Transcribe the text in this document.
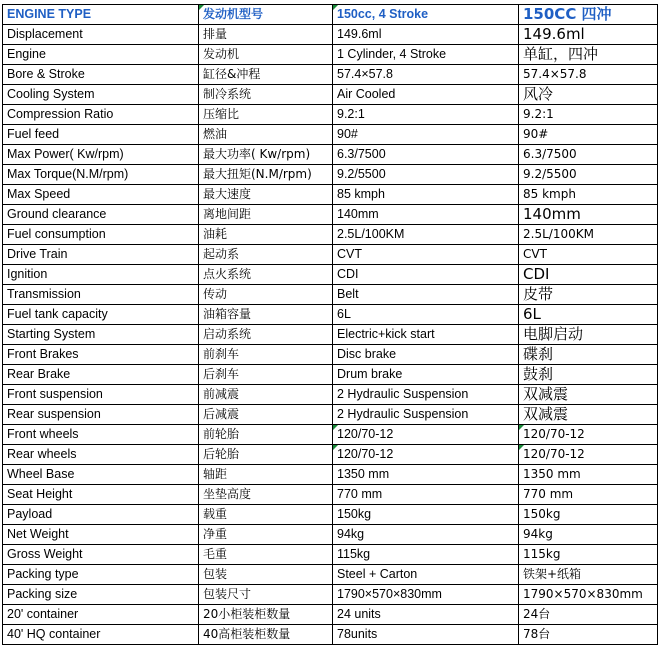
ENGINE TYPE	发动机型号	150cc, 4 Stroke	150CC 四冲
Displacement	排量	149.6ml	149.6ml
Engine	发动机	1 Cylinder, 4 Stroke	单缸，四冲
Bore & Stroke	缸径&冲程	57.4×57.8	57.4×57.8
Cooling System	制冷系统	Air Cooled	风冷
Compression Ratio	压缩比	9.2:1	9.2:1
Fuel feed	燃油	90#	90#
Max Power( Kw/rpm)	最大功率( Kw/rpm)	6.3/7500	6.3/7500
Max Torque(N.M/rpm)	最大扭矩(N.M/rpm)	9.2/5500	9.2/5500
Max Speed	最大速度	85 kmph	85 kmph
Ground clearance	离地间距	140mm	140mm
Fuel consumption	油耗	2.5L/100KM	2.5L/100KM
Drive Train	起动系	CVT	CVT
Ignition	点火系统	CDI	CDI
Transmission	传动	Belt	皮带
Fuel tank capacity	油箱容量	6L	6L
Starting System	启动系统	Electric+kick start	电脚启动
Front Brakes	前刹车	Disc brake	碟刹
Rear Brake	后刹车	Drum brake	鼓刹
Front suspension	前减震	2 Hydraulic Suspension	双减震
Rear suspension	后减震	2 Hydraulic Suspension	双减震
Front wheels	前轮胎	120/70-12	120/70-12
Rear wheels	后轮胎	120/70-12	120/70-12
Wheel Base	轴距	1350 mm	1350 mm
Seat Height	坐垫高度	770 mm	770 mm
Payload	载重	150kg	150kg
Net Weight	净重	94kg	94kg
Gross Weight	毛重	115kg	115kg
Packing type	包装	Steel + Carton	铁架+纸箱
Packing size	包装尺寸	1790×570×830mm	1790×570×830mm
20' container	20小柜装柜数量	24 units	24台
40' HQ container	40高柜装柜数量	78units	78台
